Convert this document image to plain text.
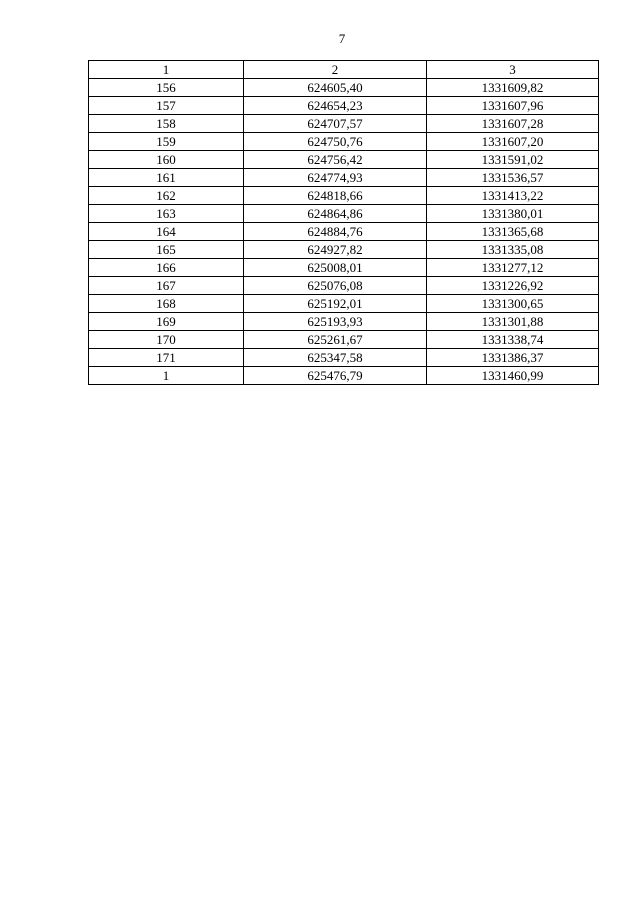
7
1	2	3
156	624605,40	1331609,82
157	624654,23	1331607,96
158	624707,57	1331607,28
159	624750,76	1331607,20
160	624756,42	1331591,02
161	624774,93	1331536,57
162	624818,66	1331413,22
163	624864,86	1331380,01
164	624884,76	1331365,68
165	624927,82	1331335,08
166	625008,01	1331277,12
167	625076,08	1331226,92
168	625192,01	1331300,65
169	625193,93	1331301,88
170	625261,67	1331338,74
171	625347,58	1331386,37
1	625476,79	1331460,99
